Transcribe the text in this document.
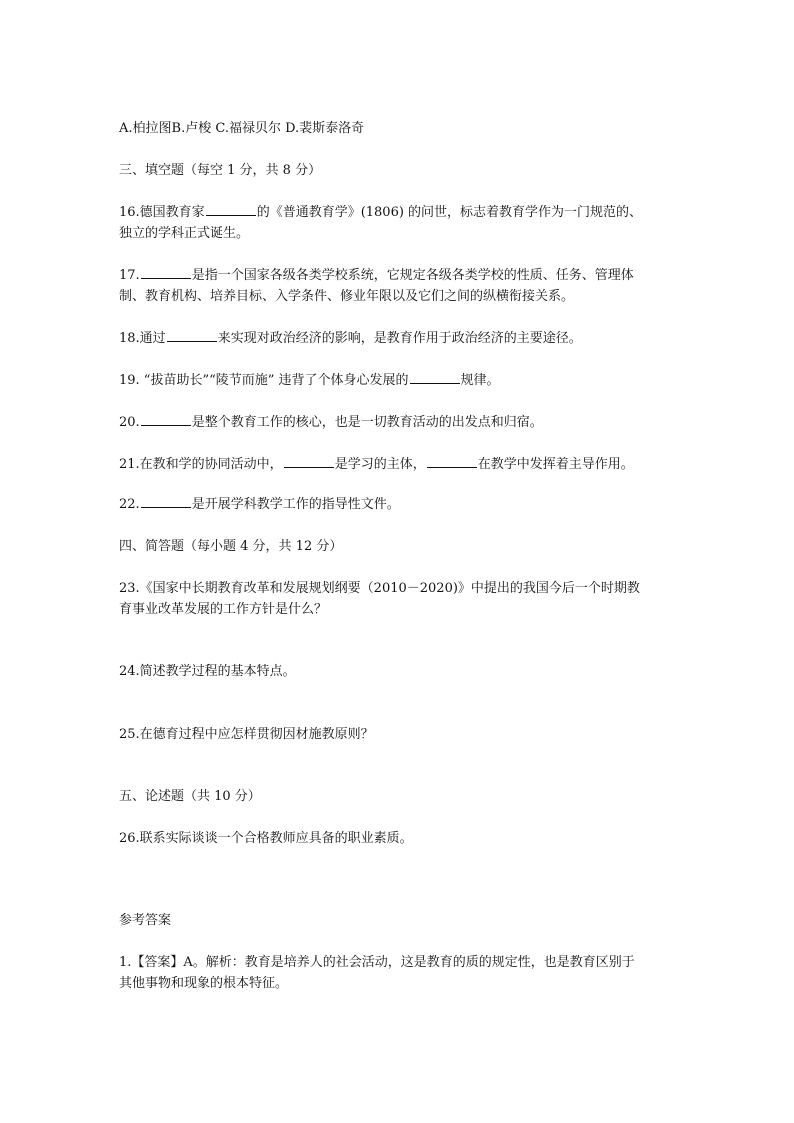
A.柏拉图B.卢梭 C.福禄贝尔 D.裴斯泰洛奇
三、填空题（每空 1 分，共 8 分）
16.德国教育家	的《普通教育学》(1806) 的问世，标志着教育学作为一门规范的、
独立的学科正式诞生。
17.	是指一个国家各级各类学校系统，它规定各级各类学校的性质、任务、管理体
制、教育机构、培养目标、入学条件、修业年限以及它们之间的纵横衔接关系。
18.通过	来实现对政治经济的影响，是教育作用于政治经济的主要途径。
19. “拔苗助长”“陵节而施” 违背了个体身心发展的	规律。
20.	是整个教育工作的核心，也是一切教育活动的出发点和归宿。
21.在教和学的协同活动中，	是学习的主体，	在教学中发挥着主导作用。
22.	是开展学科教学工作的指导性文件。
四、简答题（每小题 4 分，共 12 分）
23.《国家中长期教育改革和发展规划纲要（2010－2020)》中提出的我国今后一个时期教
育事业改革发展的工作方针是什么？
24.简述教学过程的基本特点。
25.在德育过程中应怎样贯彻因材施教原则？
五、论述题（共 10 分）
26.联系实际谈谈一个合格教师应具备的职业素质。
参考答案
1.【答案】A。解析：教育是培养人的社会活动，这是教育的质的规定性，也是教育区别于
其他事物和现象的根本特征。
